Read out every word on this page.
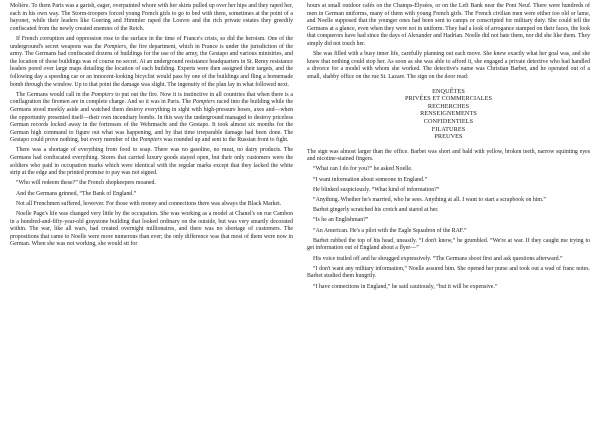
Molière. To them Paris was a garish, eager, overpainted whore with her skirts pulled up over her hips and they raped her, each in his own way. The Storm-troopers forced young French girls to go to bed with them, sometimes at the point of a bayonet, while their leaders like Goering and Himmler raped the Louvre and the rich private estates they greedily confiscated from the newly created enemies of the Reich.

If French corruption and oppression rose to the surface in the time of France's crisis, so did the heroism. One of the underground's secret weapons was the Pompiers, the fire department, which in France is under the jurisdiction of the army. The Germans had confiscated dozens of buildings for the use of the army, the Gestapo and various ministries, and the location of those buildings was of course no secret. At an underground resistance headquarters in St. Remy resistance leaders pored over large maps detailing the location of each building. Experts were then assigned their targets, and the following day a speeding car or an innocent-looking bicyclist would pass by one of the buildings and fling a homemade bomb through the window. Up to that point the damage was slight. The ingenuity of the plan lay in what followed next.

The Germans would call in the Pompiers to put out the fire. Now it is instinctive in all countries that when there is a conflagration the firemen are in complete charge. And so it was in Paris. The Pompiers raced into the building while the Germans stood meekly aside and watched them destroy everything in sight with high-pressure hoses, axes and—when the opportunity presented itself—their own incendiary bombs. In this way the underground managed to destroy priceless German records locked away in the fortresses of the Wehrmacht and the Gestapo. It took almost six months for the German high command to figure out what was happening, and by that time irreparable damage had been done. The Gestapo could prove nothing, but every member of the Pompiers was rounded up and sent to the Russian front to fight.

There was a shortage of everything from food to soap. There was no gasoline, no meat, no dairy products. The Germans had confiscated everything. Stores that carried luxury goods stayed open, but their only customers were the soldiers who paid in occupation marks which were identical with the regular marks except that they lacked the white strip at the edge and the printed promise to pay was not signed.

“Who will redeem these?” the French shopkeepers moaned.

And the Germans grinned, “The Bank of England.”

Not all Frenchmen suffered, however. For those with money and connections there was always the Black Market.

Noelle Page's life was changed very little by the occupation. She was working as a model at Chanel's on rue Cambon in a hundred-and-fifty-year-old graystone building that looked ordinary on the outside, but was very smartly decorated within. The war, like all wars, had created overnight millionaires, and there was no shortage of customers. The propositions that came to Noelle were more numerous than ever; the only difference was that most of them were now in German. When she was not working, she would sit for

hours at small outdoor cafés on the Champs-Élysées, or on the Left Bank near the Pont Neuf. There were hundreds of men in German uniforms, many of them with young French girls. The French civilian men were either too old or lame, and Noelle supposed that the younger ones had been sent to camps or conscripted for military duty. She could tell the Germans at a glance, even when they were not in uniform. They had a look of arrogance stamped on their faces, the look that conquerors have had since the days of Alexander and Hadrian. Noelle did not hate them, nor did she like them. They simply did not touch her.

She was filled with a busy inner life, carefully planning out each move. She knew exactly what her goal was, and she knew that nothing could stop her. As soon as she was able to afford it, she engaged a private detective who had handled a divorce for a model with whom she worked. The detective's name was Christian Barbet, and he operated out of a small, shabby office on the rue St. Lazare. The sign on the door read:

ENQUÊTES
PRIVÉES ET COMMERCIALES
RECHERCHES
RENSEIGNEMENTS
CONFIDENTIELS
FILATURES
PREUVES

The sign was almost larger than the office. Barbet was short and bald with yellow, broken teeth, narrow squinting eyes and nicotine-stained fingers.

“What can I do for you?” he asked Noelle.

“I want information about someone in England.”

He blinked suspiciously. “What kind of information?”

“Anything. Whether he's married, who he sees. Anything at all. I want to start a scrapbook on him.”

Barbet gingerly scratched his crotch and stared at her.

“Is he an Englishman?”

“An American. He's a pilot with the Eagle Squadron of the RAF.”

Barbet rubbed the top of his head, uneasily. “I don't know,” he grumbled. “We're at war. If they caught me trying to get information out of England about a flyer—”

His voice trailed off and he shrugged expressively. “The Germans shoot first and ask questions afterward.”

“I don't want any military information,” Noelle assured him. She opened her purse and took out a wad of franc notes. Barbet studied them hungrily.

“I have connections in England,” he said cautiously, “but it will be expensive.”
